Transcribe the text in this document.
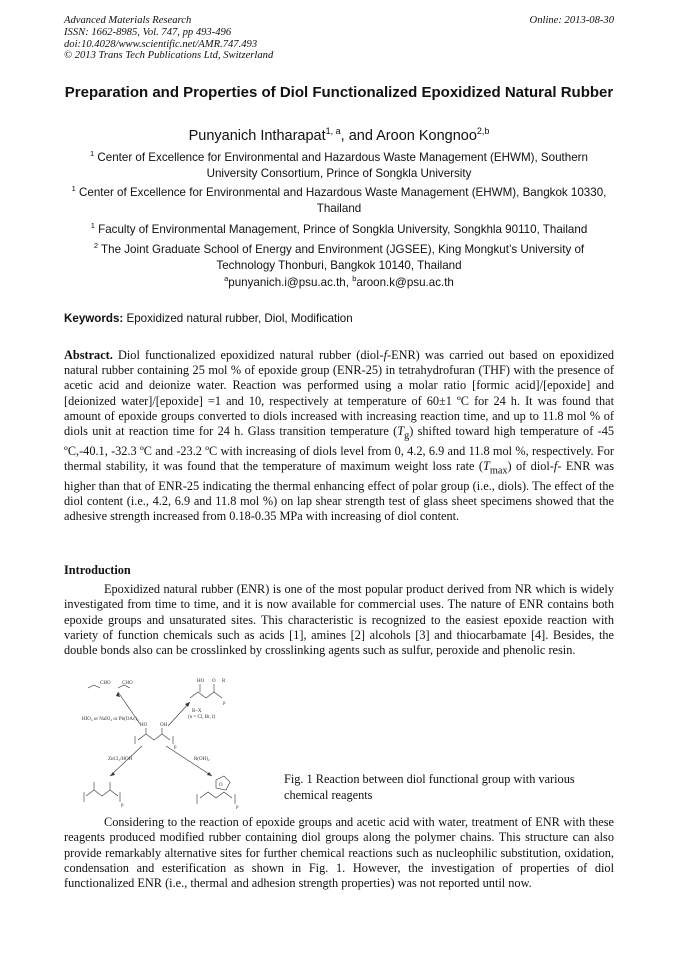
Advanced Materials Research
ISSN: 1662-8985, Vol. 747, pp 493-496
doi:10.4028/www.scientific.net/AMR.747.493
© 2013 Trans Tech Publications Ltd, Switzerland
Online: 2013-08-30
Preparation and Properties of Diol Functionalized Epoxidized Natural Rubber
Punyanich Intharapat$^{1, a}$, and Aroon Kongnoo$^{2,b}$
$^1$ Center of Excellence for Environmental and Hazardous Waste Management (EHWM), Southern University Consortium, Prince of Songkla University
$^1$ Center of Excellence for Environmental and Hazardous Waste Management (EHWM), Bangkok 10330, Thailand
$^1$ Faculty of Environmental Management, Prince of Songkla University, Songkhla 90110, Thailand
$^2$ The Joint Graduate School of Energy and Environment (JGSEE), King Mongkut’s University of Technology Thonburi, Bangkok 10140, Thailand
$^a$punyanich.i@psu.ac.th, $^b$aroon.k@psu.ac.th
Keywords: Epoxidized natural rubber, Diol, Modification
Abstract. Diol functionalized epoxidized natural rubber (diol-f-ENR) was carried out based on epoxidized natural rubber containing 25 mol % of epoxide group (ENR-25) in tetrahydrofuran (THF) with the presence of acetic acid and deionize water. Reaction was performed using a molar ratio [formic acid]/[epoxide] and [deionized water]/[epoxide] =1 and 10, respectively at temperature of 60±1 ºC for 24 h. It was found that amount of epoxide groups converted to diols increased with increasing reaction time, and up to 11.8 mol % of diols unit at reaction time for 24 h. Glass transition temperature $(T_g)$ shifted toward high temperature of -45 ºC,-40.1, -32.3 ºC and -23.2 ºC with increasing of diols level from 0, 4.2, 6.9 and 11.8 mol %, respectively. For thermal stability, it was found that the temperature of maximum weight loss rate $(T_{max})$ of diol-f- ENR was higher than that of ENR-25 indicating the thermal enhancing effect of polar group (i.e., diols). The effect of the diol content (i.e., 4.2, 6.9 and 11.8 mol %) on lap shear strength test of glass sheet specimens showed that the adhesive strength increased from 0.18-0.35 MPa with increasing of diol content.
Introduction
Epoxidized natural rubber (ENR) is one of the most popular product derived from NR which is widely investigated from time to time, and it is now available for commercial uses. The nature of ENR contains both epoxide groups and unsaturated sites. This characteristic is recognized to the easiest epoxide reaction with variety of function chemicals such as acids [1], amines [2] alcohols [3] and thiocarbamate [4]. Besides, the double bonds also can be crosslinked by crosslinking agents such as sulfur, peroxide and phenolic resin.
CHO CHO	HO O R
p
HO	OH
p
HIO₄ or NaIO₄ or Pb(OAc)₄
R–X
(n = Cl, Br, I)
ZnCl₂/HOH	R(OH)₂
p
O
p
Fig. 1 Reaction between diol functional group with various chemical reagents
Considering to the reaction of epoxide groups and acetic acid with water, treatment of ENR with these reagents produced modified rubber containing diol groups along the polymer chains. This structure can also provide remarkably alternative sites for further chemical reactions such as nucleophilic substitution, oxidation, condensation and esterification as shown in Fig. 1. However, the investigation of properties of diol functionalized ENR (i.e., thermal and adhesion strength properties) was not reported until now.
